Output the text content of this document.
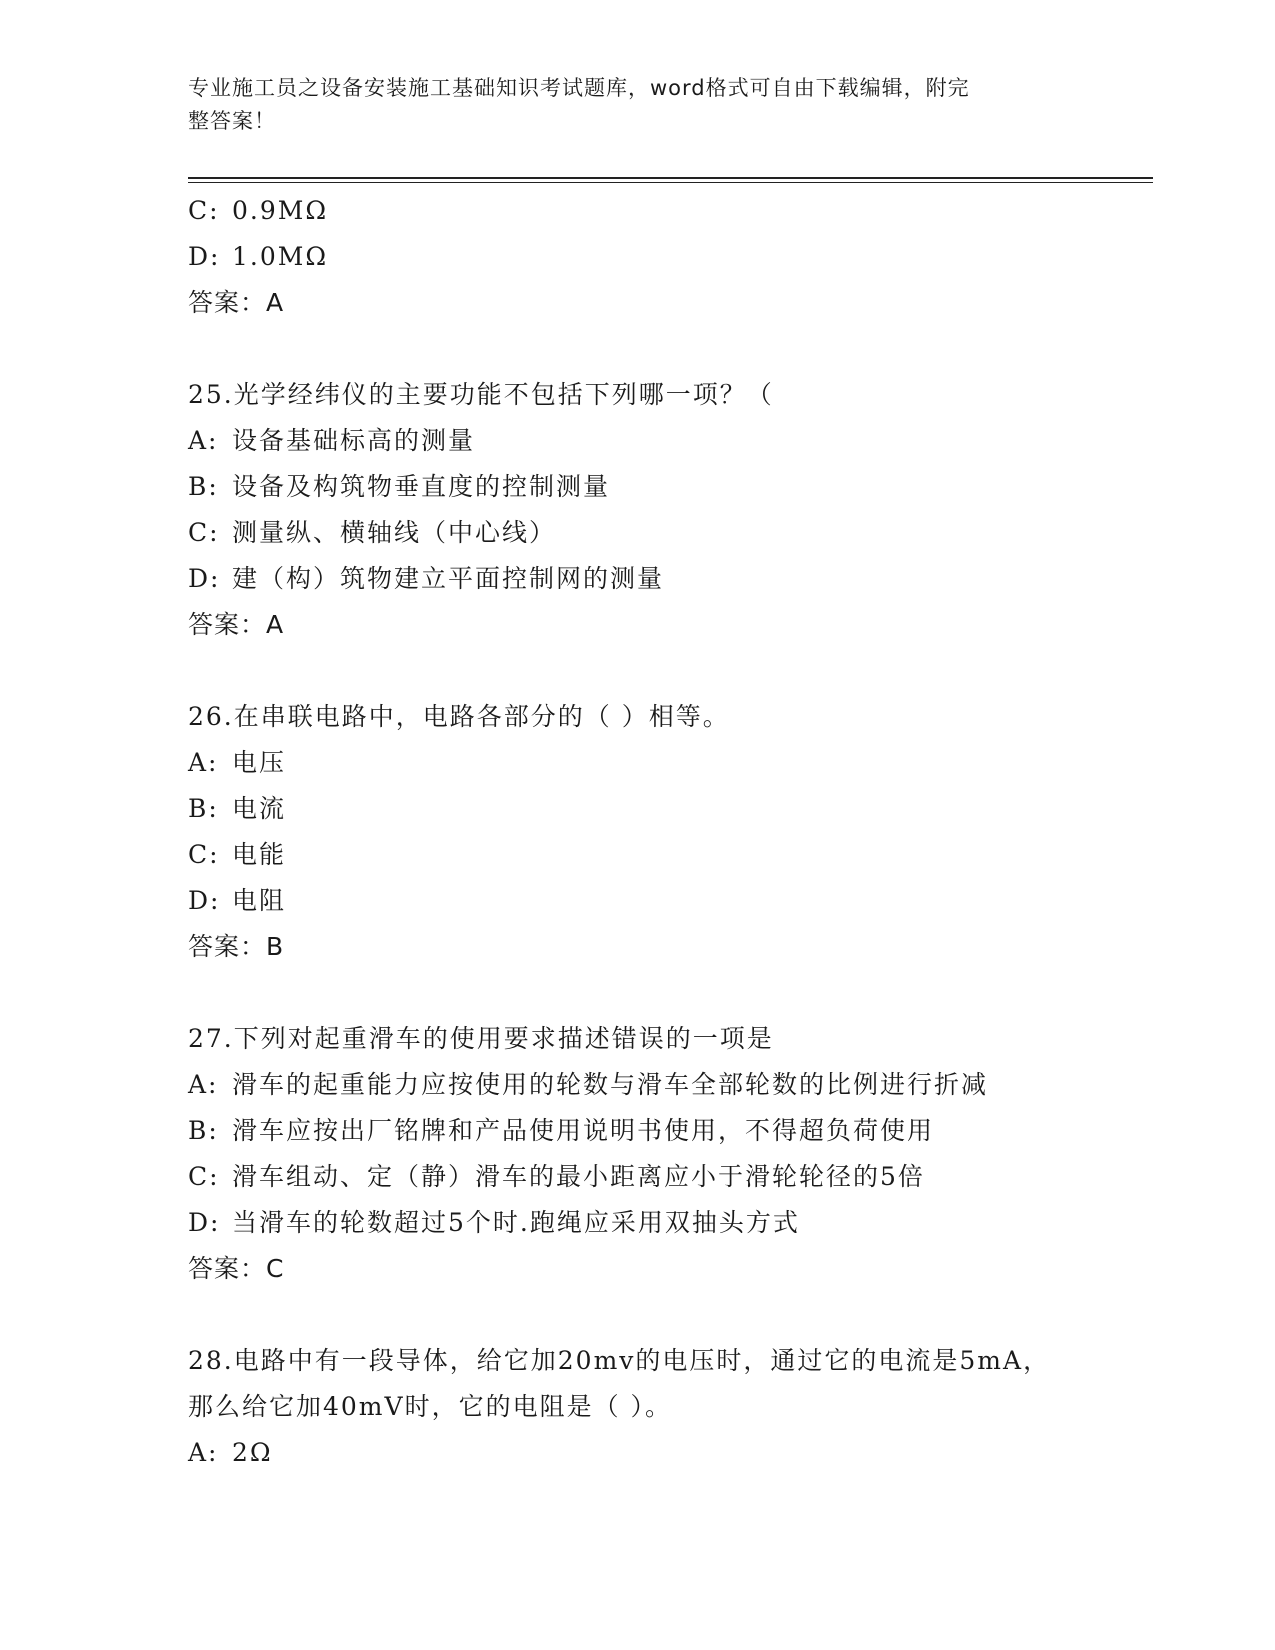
专业施工员之设备安装施工基础知识考试题库，word格式可自由下载编辑，附完
整答案！
C: 0.9MΩ
D: 1.0MΩ
答案：A
25.光学经纬仪的主要功能不包括下列哪一项？（
A: 设备基础标高的测量
B: 设备及构筑物垂直度的控制测量
C: 测量纵、横轴线（中心线）
D: 建（构）筑物建立平面控制网的测量
答案：A
26.在串联电路中，电路各部分的（ ）相等。
A: 电压
B: 电流
C: 电能
D: 电阻
答案：B
27.下列对起重滑车的使用要求描述错误的一项是
A: 滑车的起重能力应按使用的轮数与滑车全部轮数的比例进行折减
B: 滑车应按出厂铭牌和产品使用说明书使用，不得超负荷使用
C: 滑车组动、定（静）滑车的最小距离应小于滑轮轮径的5倍
D: 当滑车的轮数超过5个时.跑绳应采用双抽头方式
答案：C
28.电路中有一段导体，给它加20mv的电压时，通过它的电流是5mA，
那么给它加40mV时，它的电阻是（ ）。
A: 2Ω
